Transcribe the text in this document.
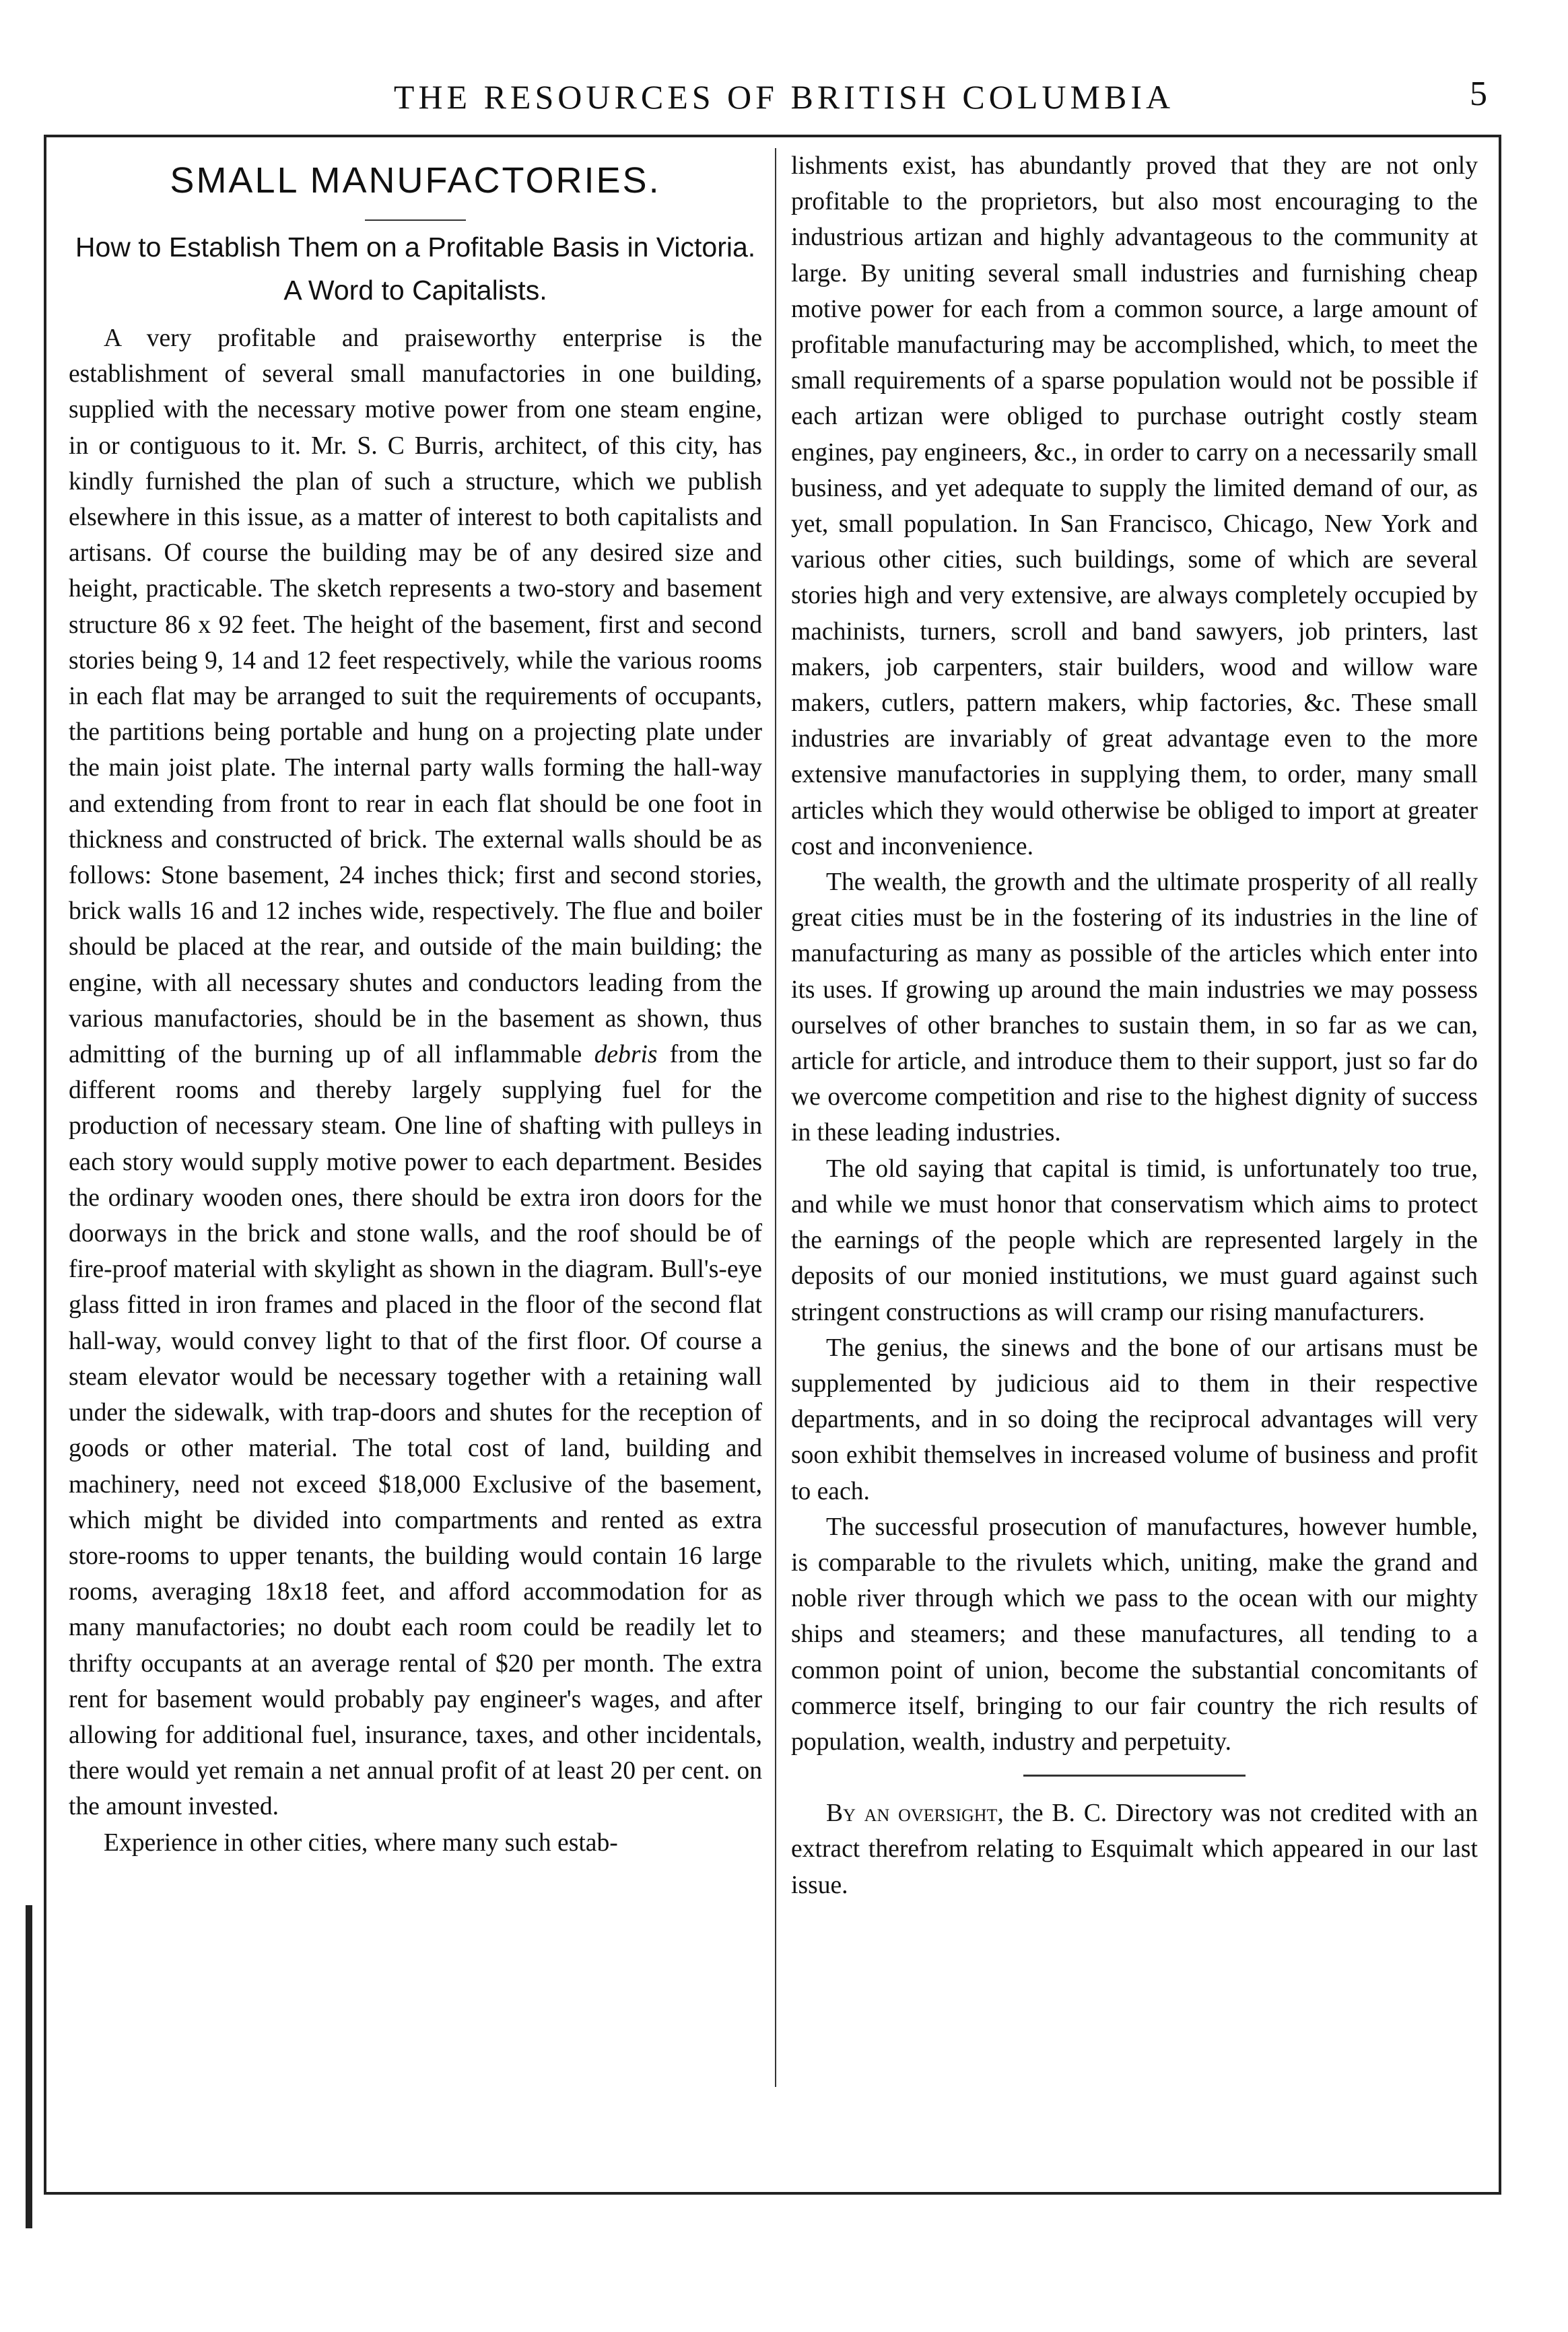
THE RESOURCES OF BRITISH COLUMBIA	5
SMALL MANUFACTORIES.
How to Establish Them on a Profitable Basis in Victoria.
A Word to Capitalists.

A very profitable and praiseworthy enterprise is the establishment of several small manufactories in one building, supplied with the necessary motive power from one steam engine, in or contiguous to it. Mr. S. C Burris, architect, of this city, has kindly furnished the plan of such a structure, which we publish elsewhere in this issue, as a matter of interest to both capitalists and artisans. Of course the building may be of any desired size and height, practicable. The sketch represents a two-story and basement structure 86 x 92 feet. The height of the basement, first and second stories being 9, 14 and 12 feet respectively, while the various rooms in each flat may be arranged to suit the requirements of occupants, the partitions being portable and hung on a projecting plate under the main joist plate. The internal party walls forming the hall-way and extending from front to rear in each flat should be one foot in thickness and constructed of brick. The external walls should be as follows: Stone basement, 24 inches thick; first and second stories, brick walls 16 and 12 inches wide, respectively. The flue and boiler should be placed at the rear, and outside of the main building; the engine, with all necessary shutes and conductors leading from the various manufactories, should be in the basement as shown, thus admitting of the burning up of all inflammable debris from the different rooms and thereby largely supplying fuel for the production of necessary steam. One line of shafting with pulleys in each story would supply motive power to each department. Besides the ordinary wooden ones, there should be extra iron doors for the doorways in the brick and stone walls, and the roof should be of fire-proof material with skylight as shown in the diagram. Bull's-eye glass fitted in iron frames and placed in the floor of the second flat hall-way, would convey light to that of the first floor. Of course a steam elevator would be necessary together with a retaining wall under the sidewalk, with trap-doors and shutes for the reception of goods or other material. The total cost of land, building and machinery, need not exceed $18,000 Exclusive of the basement, which might be divided into compartments and rented as extra store-rooms to upper tenants, the building would contain 16 large rooms, averaging 18x18 feet, and afford accommodation for as many manufactories; no doubt each room could be readily let to thrifty occupants at an average rental of $20 per month. The extra rent for basement would probably pay engineer's wages, and after allowing for additional fuel, insurance, taxes, and other incidentals, there would yet remain a net annual profit of at least 20 per cent. on the amount invested.

Experience in other cities, where many such estab-

lishments exist, has abundantly proved that they are not only profitable to the proprietors, but also most encouraging to the industrious artizan and highly advantageous to the community at large. By uniting several small industries and furnishing cheap motive power for each from a common source, a large amount of profitable manufacturing may be accomplished, which, to meet the small requirements of a sparse population would not be possible if each artizan were obliged to purchase outright costly steam engines, pay engineers, &c., in order to carry on a necessarily small business, and yet adequate to supply the limited demand of our, as yet, small population. In San Francisco, Chicago, New York and various other cities, such buildings, some of which are several stories high and very extensive, are always completely occupied by machinists, turners, scroll and band sawyers, job printers, last makers, job carpenters, stair builders, wood and willow ware makers, cutlers, pattern makers, whip factories, &c. These small industries are invariably of great advantage even to the more extensive manufactories in supplying them, to order, many small articles which they would otherwise be obliged to import at greater cost and inconvenience.

The wealth, the growth and the ultimate prosperity of all really great cities must be in the fostering of its industries in the line of manufacturing as many as possible of the articles which enter into its uses. If growing up around the main industries we may possess ourselves of other branches to sustain them, in so far as we can, article for article, and introduce them to their support, just so far do we overcome competition and rise to the highest dignity of success in these leading industries.

The old saying that capital is timid, is unfortunately too true, and while we must honor that conservatism which aims to protect the earnings of the people which are represented largely in the deposits of our monied institutions, we must guard against such stringent constructions as will cramp our rising manufacturers.

The genius, the sinews and the bone of our artisans must be supplemented by judicious aid to them in their respective departments, and in so doing the reciprocal advantages will very soon exhibit themselves in increased volume of business and profit to each.

The successful prosecution of manufactures, however humble, is comparable to the rivulets which, uniting, make the grand and noble river through which we pass to the ocean with our mighty ships and steamers; and these manufactures, all tending to a common point of union, become the substantial concomitants of commerce itself, bringing to our fair country the rich results of population, wealth, industry and perpetuity.

By an oversight, the B. C. Directory was not credited with an extract therefrom relating to Esquimalt which appeared in our last issue.
